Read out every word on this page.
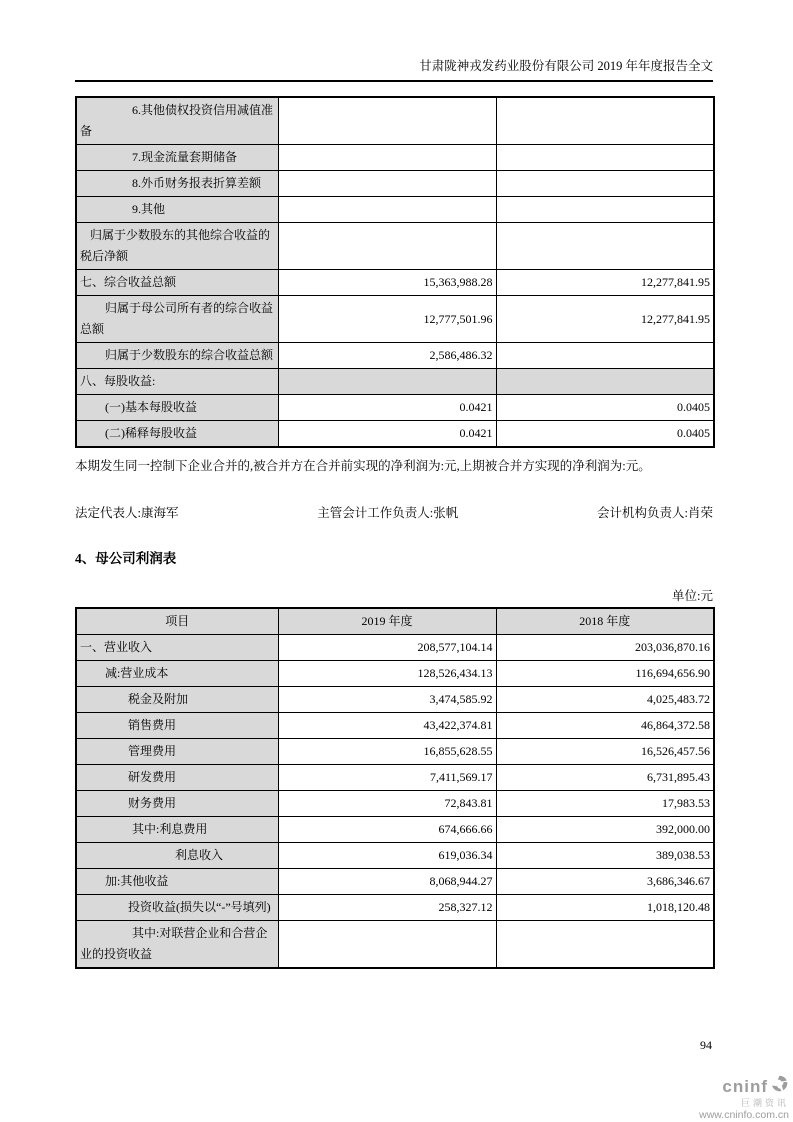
甘肃陇神戎发药业股份有限公司 2019 年年度报告全文
6.其他债权投资信用减值准备		
7.现金流量套期储备		
8.外币财务报表折算差额		
9.其他		
归属于少数股东的其他综合收益的税后净额		
七、综合收益总额	15,363,988.28	12,277,841.95
归属于母公司所有者的综合收益总额	12,777,501.96	12,277,841.95
归属于少数股东的综合收益总额	2,586,486.32	
八、每股收益:		
(一)基本每股收益	0.0421	0.0405
(二)稀释每股收益	0.0421	0.0405
本期发生同一控制下企业合并的,被合并方在合并前实现的净利润为:元,上期被合并方实现的净利润为:元。
法定代表人:康海军	主管会计工作负责人:张帆	会计机构负责人:肖荣
4、母公司利润表
单位:元
项目	2019 年度	2018 年度
一、营业收入	208,577,104.14	203,036,870.16
减:营业成本	128,526,434.13	116,694,656.90
税金及附加	3,474,585.92	4,025,483.72
销售费用	43,422,374.81	46,864,372.58
管理费用	16,855,628.55	16,526,457.56
研发费用	7,411,569.17	6,731,895.43
财务费用	72,843.81	17,983.53
其中:利息费用	674,666.66	392,000.00
利息收入	619,036.34	389,038.53
加:其他收益	8,068,944.27	3,686,346.67
投资收益(损失以“-”号填列)	258,327.12	1,018,120.48
其中:对联营企业和合营企业的投资收益		
94
cninf
巨潮资讯
www.cninfo.com.cn
